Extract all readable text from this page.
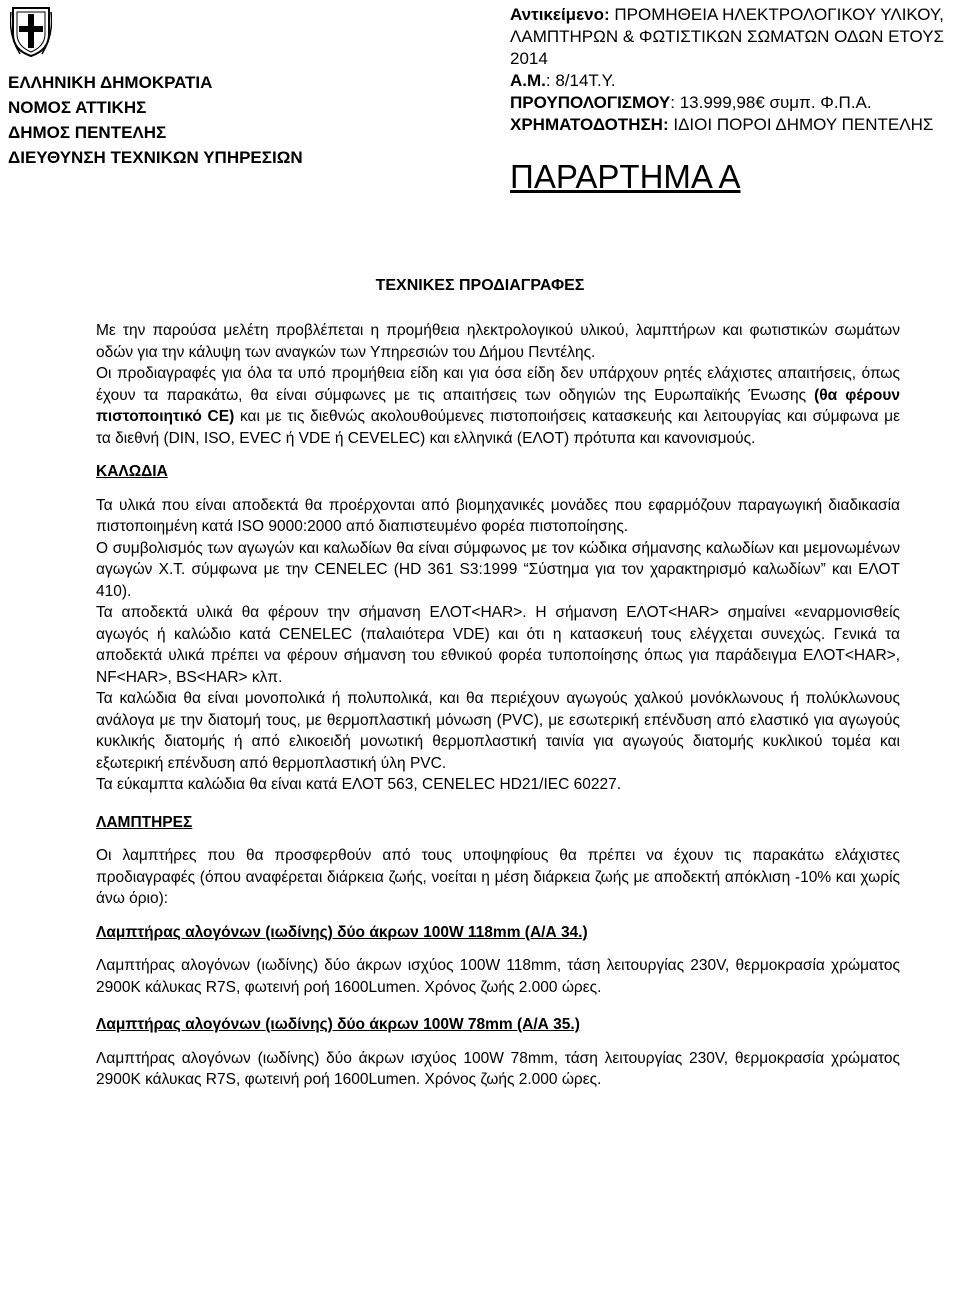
ΕΛΛΗΝΙΚΗ ΔΗΜΟΚΡΑΤΙΑ
ΝΟΜΟΣ ΑΤΤΙΚΗΣ
ΔΗΜΟΣ ΠΕΝΤΕΛΗΣ
ΔΙΕΥΘΥΝΣΗ ΤΕΧΝΙΚΩΝ ΥΠΗΡΕΣΙΩΝ
Αντικείμενο: ΠΡΟΜΗΘΕΙΑ ΗΛΕΚΤΡΟΛΟΓΙΚΟΥ ΥΛΙΚΟΥ, ΛΑΜΠΤΗΡΩΝ & ΦΩΤΙΣΤΙΚΩΝ ΣΩΜΑΤΩΝ ΟΔΩΝ ΕΤΟΥΣ 2014
Α.Μ.: 8/14Τ.Υ.
ΠΡΟΥΠΟΛΟΓΙΣΜΟΥ: 13.999,98€ συμπ. Φ.Π.Α.
ΧΡΗΜΑΤΟΔΟΤΗΣΗ: ΙΔΙΟΙ ΠΟΡΟΙ ΔΗΜΟΥ ΠΕΝΤΕΛΗΣ
ΠΑΡΑΡΤΗΜΑ Α
ΤΕΧΝΙΚΕΣ ΠΡΟΔΙΑΓΡΑΦΕΣ

Με την παρούσα μελέτη προβλέπεται η προμήθεια ηλεκτρολογικού υλικού, λαμπτήρων και φωτιστικών σωμάτων οδών για την κάλυψη των αναγκών των Υπηρεσιών του Δήμου Πεντέλης.

Οι προδιαγραφές για όλα τα υπό προμήθεια είδη και για όσα είδη δεν υπάρχουν ρητές ελάχιστες απαιτήσεις, όπως έχουν τα παρακάτω, θα είναι σύμφωνες με τις απαιτήσεις των οδηγιών της Ευρωπαϊκής Ένωσης (θα φέρουν πιστοποιητικό CE) και με τις διεθνώς ακολουθούμενες πιστοποιήσεις κατασκευής και λειτουργίας και σύμφωνα με τα διεθνή (DIN, ISO, EVEC ή VDE ή CEVELEC) και ελληνικά (ΕΛΟΤ) πρότυπα και κανονισμούς.

ΚΑΛΩΔΙΑ

Τα υλικά που είναι αποδεκτά θα προέρχονται από βιομηχανικές μονάδες που εφαρμόζουν παραγωγική διαδικασία πιστοποιημένη κατά ISO 9000:2000 από διαπιστευμένο φορέα πιστοποίησης.

Ο συμβολισμός των αγωγών και καλωδίων θα είναι σύμφωνος με τον κώδικα σήμανσης καλωδίων και μεμονωμένων αγωγών Χ.Τ. σύμφωνα με την CENELEC (HD 361 S3:1999 “Σύστημα για τον χαρακτηρισμό καλωδίων” και ΕΛΟΤ 410).

Τα αποδεκτά υλικά θα φέρουν την σήμανση ΕΛΟΤ<HAR>. Η σήμανση ΕΛΟΤ<HAR> σημαίνει «εναρμονισθείς αγωγός ή καλώδιο κατά CENELEC (παλαιότερα VDE) και ότι η κατασκευή τους ελέγχεται συνεχώς. Γενικά τα αποδεκτά υλικά πρέπει να φέρουν σήμανση του εθνικού φορέα τυποποίησης όπως για παράδειγμα ΕΛΟΤ<HAR>, NF<HAR>, BS<HAR> κλπ.

Τα καλώδια θα είναι μονοπολικά ή πολυπολικά, και θα περιέχουν αγωγούς χαλκού μονόκλωνους ή πολύκλωνους ανάλογα με την διατομή τους, με θερμοπλαστική μόνωση (PVC), με εσωτερική επένδυση από ελαστικό για αγωγούς κυκλικής διατομής ή από ελικοειδή μονωτική θερμοπλαστική ταινία για αγωγούς διατομής κυκλικού τομέα και εξωτερική επένδυση από θερμοπλαστική ύλη PVC.

Τα εύκαμπτα καλώδια θα είναι κατά ΕΛΟΤ 563, CENELEC HD21/IEC 60227.

ΛΑΜΠΤΗΡΕΣ

Οι λαμπτήρες που θα προσφερθούν από τους υποψηφίους θα πρέπει να έχουν τις παρακάτω ελάχιστες προδιαγραφές (όπου αναφέρεται διάρκεια ζωής, νοείται η μέση διάρκεια ζωής με αποδεκτή απόκλιση -10% και χωρίς άνω όριο):

Λαμπτήρας αλογόνων (ιωδίνης) δύο άκρων 100W 118mm (Α/Α 34.)

Λαμπτήρας αλογόνων (ιωδίνης) δύο άκρων ισχύος 100W 118mm, τάση λειτουργίας 230V, θερμοκρασία χρώματος 2900Κ κάλυκας R7S, φωτεινή ροή 1600Lumen. Χρόνος ζωής 2.000 ώρες.

Λαμπτήρας αλογόνων (ιωδίνης) δύο άκρων 100W 78mm (Α/Α 35.)

Λαμπτήρας αλογόνων (ιωδίνης) δύο άκρων ισχύος 100W 78mm, τάση λειτουργίας 230V, θερμοκρασία χρώματος 2900Κ κάλυκας R7S, φωτεινή ροή 1600Lumen. Χρόνος ζωής 2.000 ώρες.
